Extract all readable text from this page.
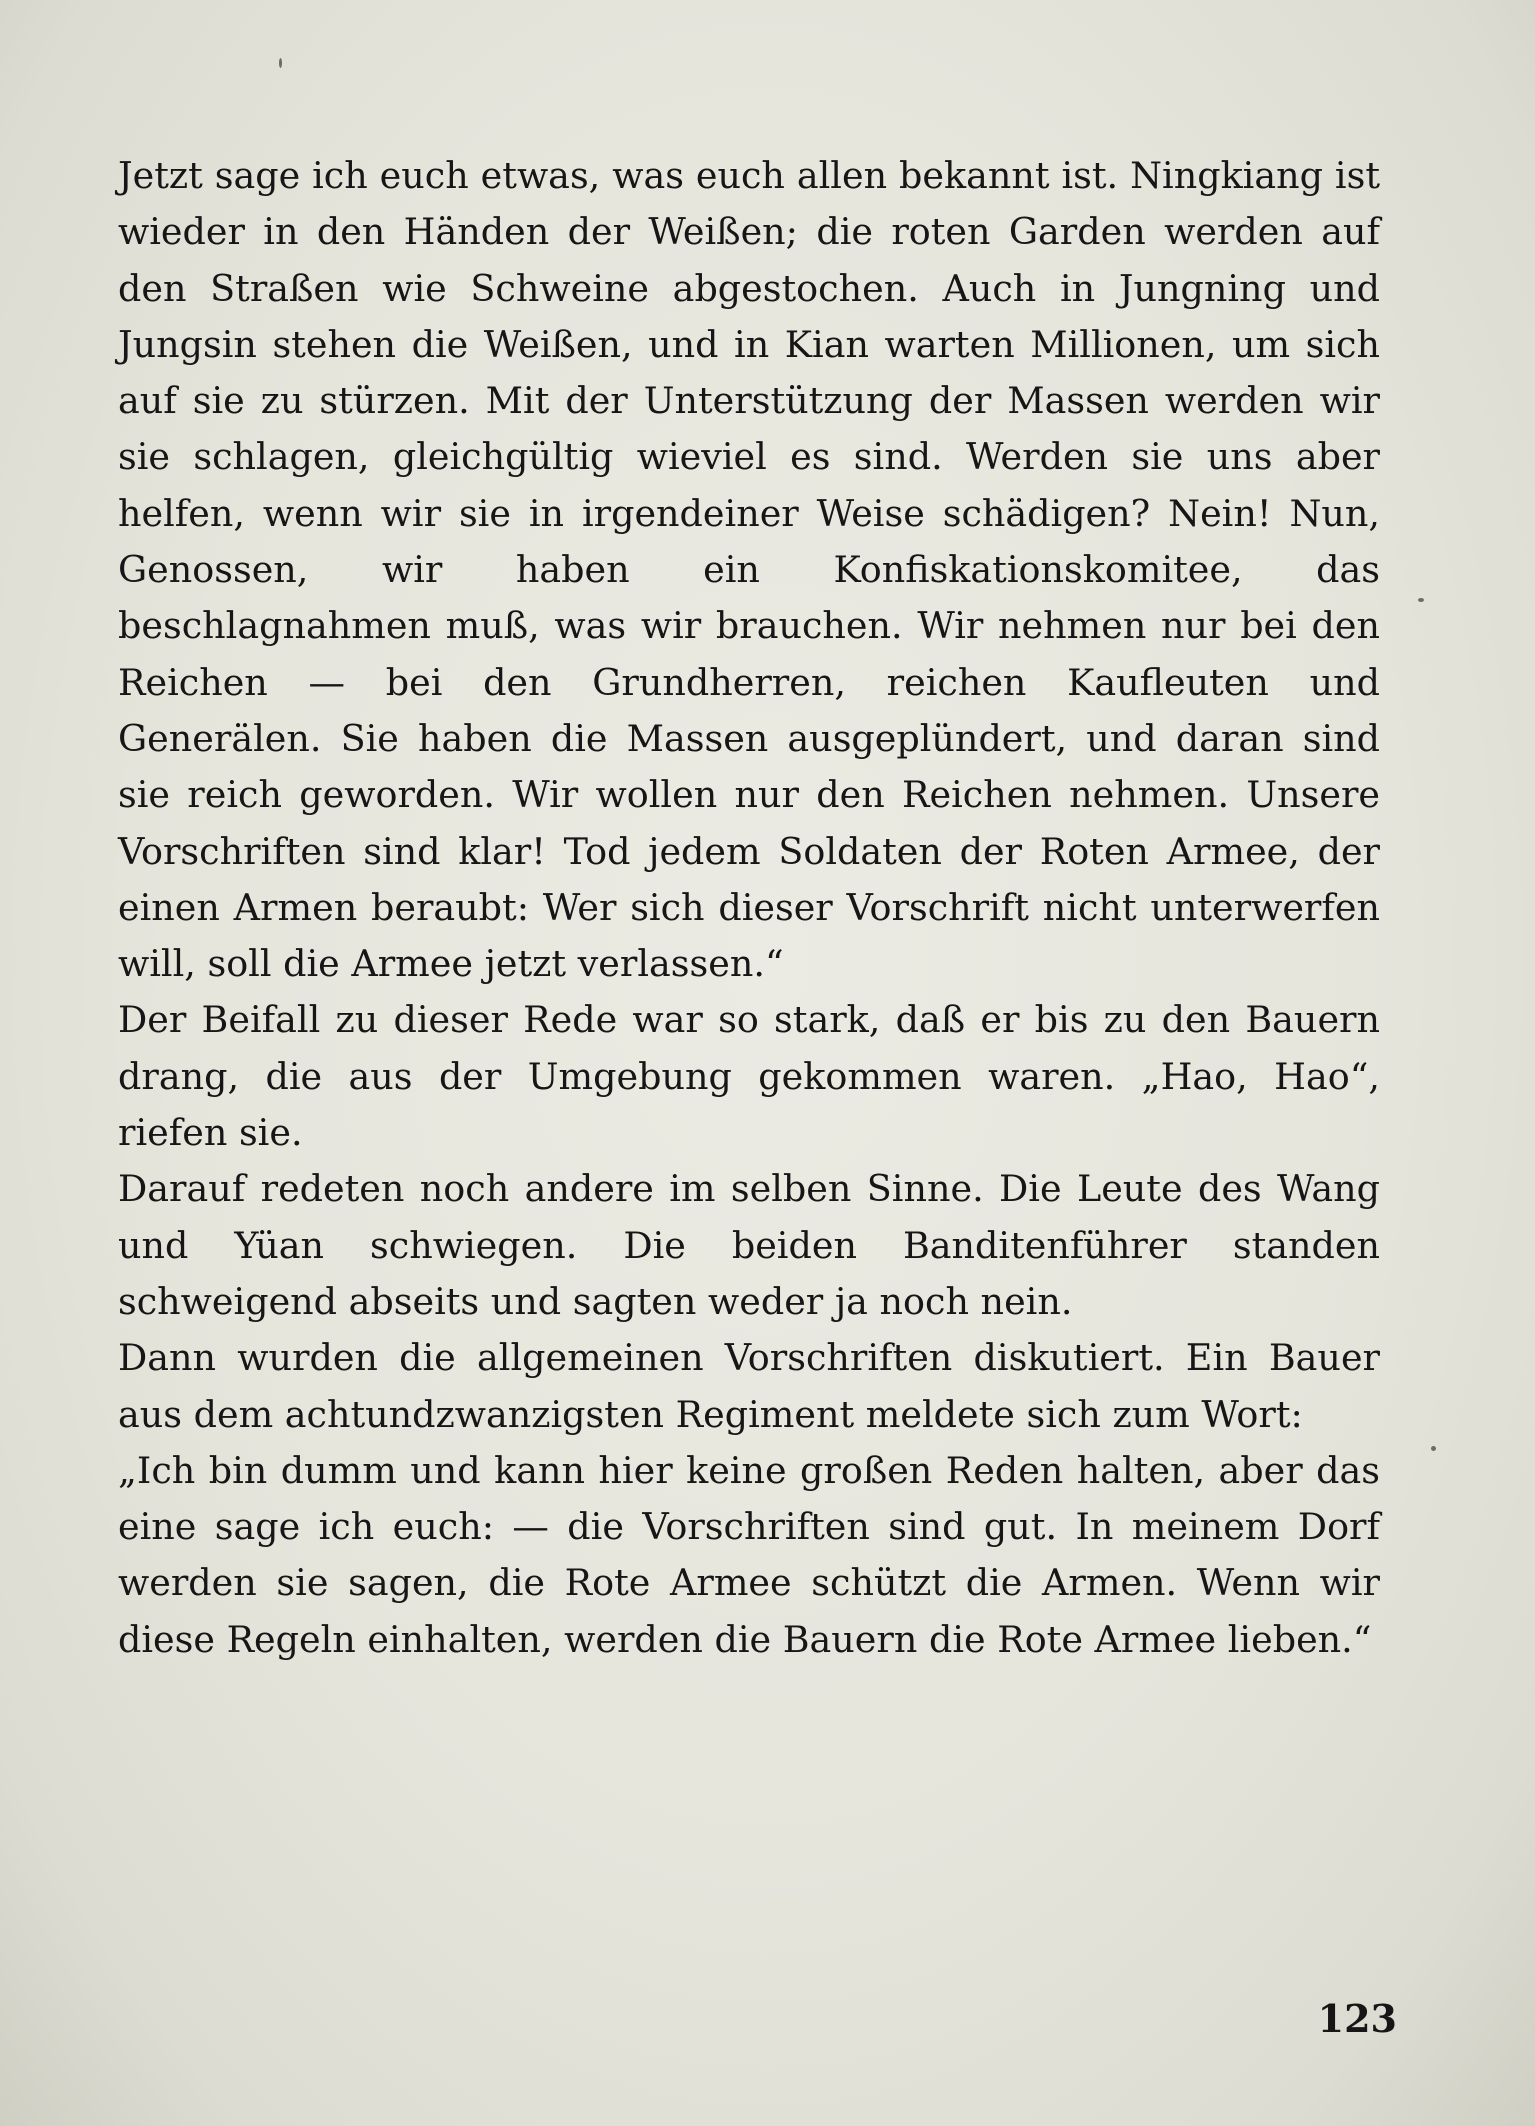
Jetzt sage ich euch etwas, was euch allen bekannt ist. Ningkiang ist wieder in den Händen der Weißen; die roten Garden werden auf den Straßen wie Schweine abgestochen. Auch in Jungning und Jungsin stehen die Weißen, und in Kian warten Millionen, um sich auf sie zu stürzen. Mit der Unterstützung der Massen werden wir sie schlagen, gleichgültig wieviel es sind. Werden sie uns aber helfen, wenn wir sie in irgendeiner Weise schädigen? Nein! Nun, Genossen, wir haben ein Konfiskationskomitee, das beschlagnahmen muß, was wir brauchen. Wir nehmen nur bei den Reichen — bei den Grundherren, reichen Kaufleuten und Generälen. Sie haben die Massen ausgeplündert, und daran sind sie reich geworden. Wir wollen nur den Reichen nehmen. Unsere Vorschriften sind klar! Tod jedem Soldaten der Roten Armee, der einen Armen beraubt: Wer sich dieser Vorschrift nicht unterwerfen will, soll die Armee jetzt verlassen.“

Der Beifall zu dieser Rede war so stark, daß er bis zu den Bauern drang, die aus der Umgebung gekommen waren. „Hao, Hao“, riefen sie.

Darauf redeten noch andere im selben Sinne. Die Leute des Wang und Yüan schwiegen. Die beiden Banditenführer standen schweigend abseits und sagten weder ja noch nein.

Dann wurden die allgemeinen Vorschriften diskutiert. Ein Bauer aus dem achtundzwanzigsten Regiment meldete sich zum Wort:

„Ich bin dumm und kann hier keine großen Reden halten, aber das eine sage ich euch: — die Vorschriften sind gut. In meinem Dorf werden sie sagen, die Rote Armee schützt die Armen. Wenn wir diese Regeln einhalten, werden die Bauern die Rote Armee lieben.“

123
